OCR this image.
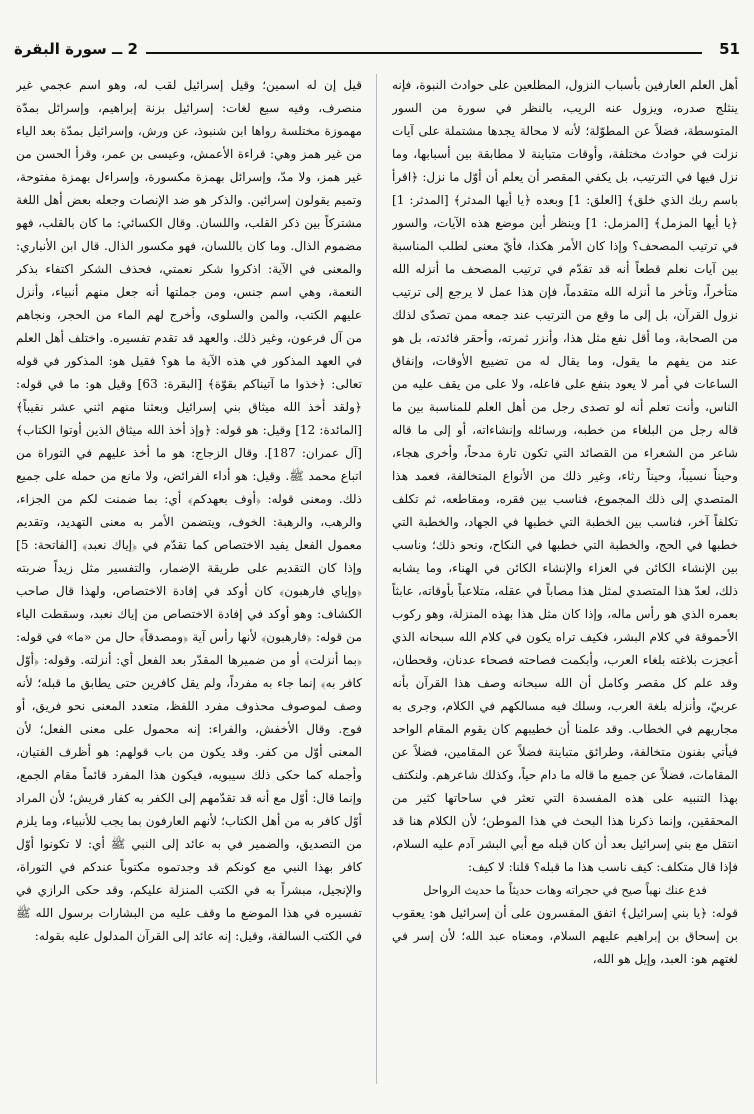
51
2 ــ سورة البقرة

أهل العلم العارفين بأسباب النزول، المطلعين على حوادث النبوة، فإنه ينثلج صدره، ويزول عنه الريب، بالنظر في سورة من السور المتوسطة، فضلاً عن المطوّلة؛ لأنه لا محالة يجدها مشتملة على آيات نزلت في حوادث مختلفة، وأوقات متباينة لا مطابقة بين أسبابها، وما نزل فيها في الترتيب، بل يكفي المقصر أن يعلم أن أوّل ما نزل: ﴿اقرأ باسم ربك الذي خلق﴾ [العلق: 1] وبعده ﴿يا أيها المدثر﴾ [المدثر: 1] ﴿يا أيها المزمل﴾ [المزمل: 1] وينظر أين موضع هذه الآيات، والسور في ترتيب المصحف؟ وإذا كان الأمر هكذا، فأيّ معنى لطلب المناسبة بين آيات نعلم قطعاً أنه قد تقدّم في ترتيب المصحف ما أنزله الله متأخراً، وتأخر ما أنزله الله متقدماً، فإن هذا عمل لا يرجع إلى ترتيب نزول القرآن، بل إلى ما وقع من الترتيب عند جمعه ممن تصدّى لذلك من الصحابة، وما أقل نفع مثل هذا، وأنزر ثمرته، وأحقر فائدته، بل هو عند من يفهم ما يقول، وما يقال له من تضييع الأوقات، وإنفاق الساعات في أمر لا يعود بنفع على فاعله، ولا على من يقف عليه من الناس، وأنت تعلم أنه لو تصدى رجل من أهل العلم للمناسبة بين ما قاله رجل من البلغاء من خطبه، ورسائله وإنشاءاته، أو إلى ما قاله شاعر من الشعراء من القصائد التي تكون تارة مدحاً، وأخرى هجاء، وحيناً نسيباً، وحيناً رثاء، وغير ذلك من الأنواع المتخالفة، فعمد هذا المتصدي إلى ذلك المجموع، فناسب بين فقره، ومقاطعه، ثم تكلف تكلفاً آخر، فناسب بين الخطبة التي خطبها في الجهاد، والخطبة التي خطبها في الحج، والخطبة التي خطبها في النكاح، ونحو ذلك؛ وناسب بين الإنشاء الكائن في العزاء والإنشاء الكائن في الهناء، وما يشابه ذلك، لعدّ هذا المتصدي لمثل هذا مصاباً في عقله، متلاعباً بأوقاته، عابثاً بعمره الذي هو رأس ماله، وإذا كان مثل هذا بهذه المنزلة، وهو ركوب الأحموقة في كلام البشر، فكيف تراه يكون في كلام الله سبحانه الذي أعجزت بلاغته بلغاء العرب، وأبكمت فصاحته فصحاء عدنان، وقحطان، وقد علم كل مقصر وكامل أن الله سبحانه وصف هذا القرآن بأنه عربيّ، وأنزله بلغة العرب، وسلك فيه مسالكهم في الكلام، وجرى به مجاريهم في الخطاب. وقد علمنا أن خطيبهم كان يقوم المقام الواحد فيأتي بفنون متخالفة، وطرائق متباينة فضلاً عن المقامين، فضلاً عن المقامات، فضلاً عن جميع ما قاله ما دام حياً، وكذلك شاعرهم. ولنكتف بهذا التنبيه على هذه المفسدة التي تعثر في ساحاتها كثير من المحققين، وإنما ذكرنا هذا البحث في هذا الموطن؛ لأن الكلام هنا قد انتقل مع بني إسرائيل بعد أن كان قبله مع أبي البشر آدم عليه السلام، فإذا قال متكلف: كيف ناسب هذا ما قبله؟ قلنا: لا كيف:

فدع عنك نهباً صيح في حجراته وهات حديثاً ما حديث الرواحل

قوله: ﴿يا بني إسرائيل﴾ اتفق المفسرون على أن إسرائيل هو: يعقوب بن إسحاق بن إبراهيم عليهم السلام، ومعناه عبد الله؛ لأن إسر في لغتهم هو: العبد، وإيل هو الله،

قيل إن له اسمين؛ وقيل إسرائيل لقب له، وهو اسم عجمي غير منصرف، وفيه سبع لغات: إسرائيل بزنة إبراهيم، وإسرائل بمدّة مهموزة مختلسة رواها ابن شنبوذ، عن ورش، وإسرائيل بمدّة بعد الياء من غير همز وهي: قراءة الأعمش، وعيسى بن عمر، وقرأ الحسن من غير همز، ولا مدّ، وإسرائل بهمزة مكسورة، وإسراءل بهمزة مفتوحة، وتميم يقولون إسرائين. والذكر هو ضد الإنصات وجعله بعض أهل اللغة مشتركاً بين ذكر القلب، واللسان. وقال الكسائي: ما كان بالقلب، فهو مضموم الذال. وما كان باللسان، فهو مكسور الذال. قال ابن الأنباري: والمعنى في الآية: اذكروا شكر نعمتي، فحذف الشكر اكتفاء بذكر النعمة، وهي اسم جنس، ومن جملتها أنه جعل منهم أنبياء، وأنزل عليهم الكتب، والمن والسلوى، وأخرج لهم الماء من الحجر، ونجاهم من آل فرعون، وغير ذلك. والعهد قد تقدم تفسيره. واختلف أهل العلم في العهد المذكور في هذه الآية ما هو؟ فقيل هو: المذكور في قوله تعالى: ﴿خذوا ما آتيناكم بقوّة﴾ [البقرة: 63] وقيل هو: ما في قوله: ﴿ولقد أخذ الله ميثاق بني إسرائيل وبعثنا منهم اثني عشر نقيباً﴾ [المائدة: 12] وقيل: هو قوله: ﴿وإذ أخذ الله ميثاق الذين أوتوا الكتاب﴾ [آل عمران: 187]. وقال الزجاج: هو ما أخذ عليهم في التوراة من اتباع محمد ﷺ. وقيل: هو أداء الفرائض، ولا مانع من حمله على جميع ذلك. ومعنى قوله: ﴿أوف بعهدكم﴾ أي: بما ضمنت لكم من الجزاء، والرهب، والرهبة: الخوف، ويتضمن الأمر به معنى التهديد، وتقديم معمول الفعل يفيد الاختصاص كما تقدّم في ﴿إياك نعبد﴾ [الفاتحة: 5] وإذا كان التقديم على طريقة الإضمار، والتفسير مثل زيداً ضربته ﴿وإياي فارهبون﴾ كان أوكد في إفادة الاختصاص، ولهذا قال صاحب الكشاف: وهو أوكد في إفادة الاختصاص من إياك نعبد، وسقطت الياء من قوله: ﴿فارهبون﴾ لأنها رأس آية ﴿ومصدقاً﴾ حال من «ما» في قوله: ﴿بما أنزلت﴾ أو من ضميرها المقدّر بعد الفعل أي: أنزلته. وقوله: ﴿أوّل كافر به﴾ إنما جاء به مفرداً، ولم يقل كافرين حتى يطابق ما قبله؛ لأنه وصف لموصوف محذوف مفرد اللفظ، متعدد المعنى نحو فريق، أو فوج. وقال الأخفش، والفراء: إنه محمول على معنى الفعل؛ لأن المعنى أوّل من كفر. وقد يكون من باب قولهم: هو أظرف الفتيان، وأجمله كما حكى ذلك سيبويه، فيكون هذا المفرد قائماً مقام الجمع، وإنما قال: أوّل مع أنه قد تقدّمهم إلى الكفر به كفار قريش؛ لأن المراد أوّل كافر به من أهل الكتاب؛ لأنهم العارفون بما يجب للأنبياء، وما يلزم من التصديق، والضمير في به عائد إلى النبي ﷺ أي: لا تكونوا أوّل كافر بهذا النبي مع كونكم قد وجدتموه مكتوباً عندكم في التوراة، والإنجيل، مبشراً به في الكتب المنزلة عليكم، وقد حكى الرازي في تفسيره في هذا الموضع ما وقف عليه من البشارات برسول الله ﷺ في الكتب السالفة، وقيل: إنه عائد إلى القرآن المدلول عليه بقوله:
